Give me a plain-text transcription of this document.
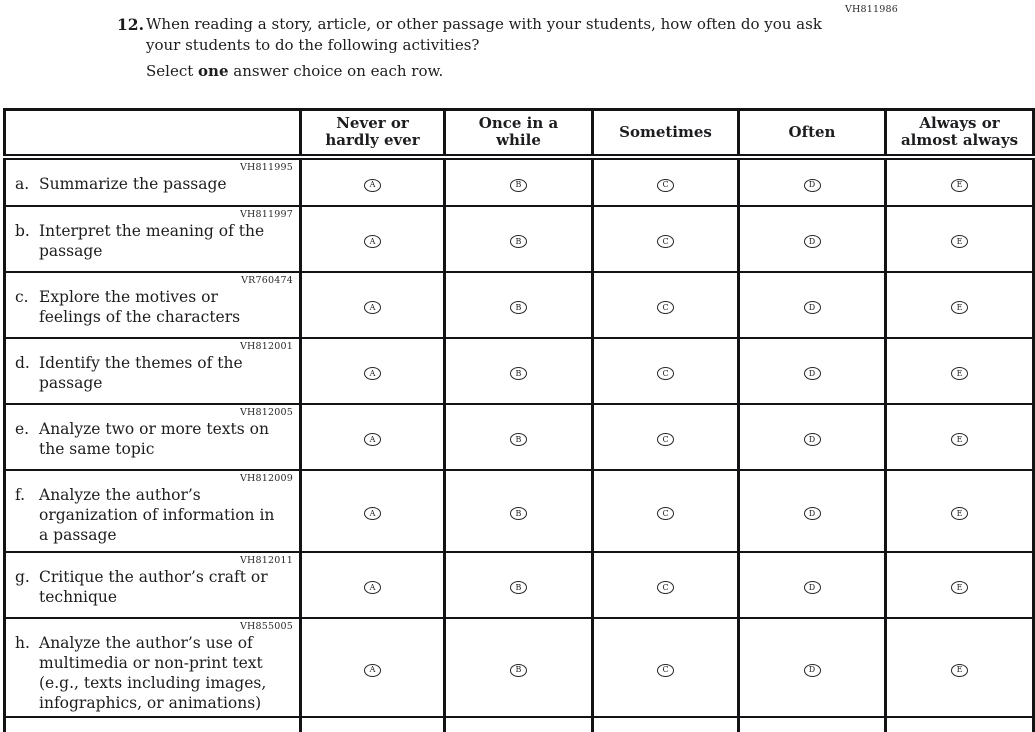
VH811986
12. When reading a story, article, or other passage with your students, how often do you ask your students to do the following activities?
Select one answer choice on each row.
	Never or hardly ever	Once in a while	Sometimes	Often	Always or almost always

VH811995
a. Summarize the passage	A	B	C	D	E

VH811997
b. Interpret the meaning of the passage	A	B	C	D	E

VR760474
c. Explore the motives or feelings of the characters	A	B	C	D	E

VH812001
d. Identify the themes of the passage	A	B	C	D	E

VH812005
e. Analyze two or more texts on the same topic	A	B	C	D	E

VH812009
f. Analyze the author’s organization of information in a passage	A	B	C	D	E

VH812011
g. Critique the author’s craft or technique	A	B	C	D	E

VH855005
h. Analyze the author’s use of multimedia or non-print text (e.g., texts including images, infographics, or animations)	A	B	C	D	E
